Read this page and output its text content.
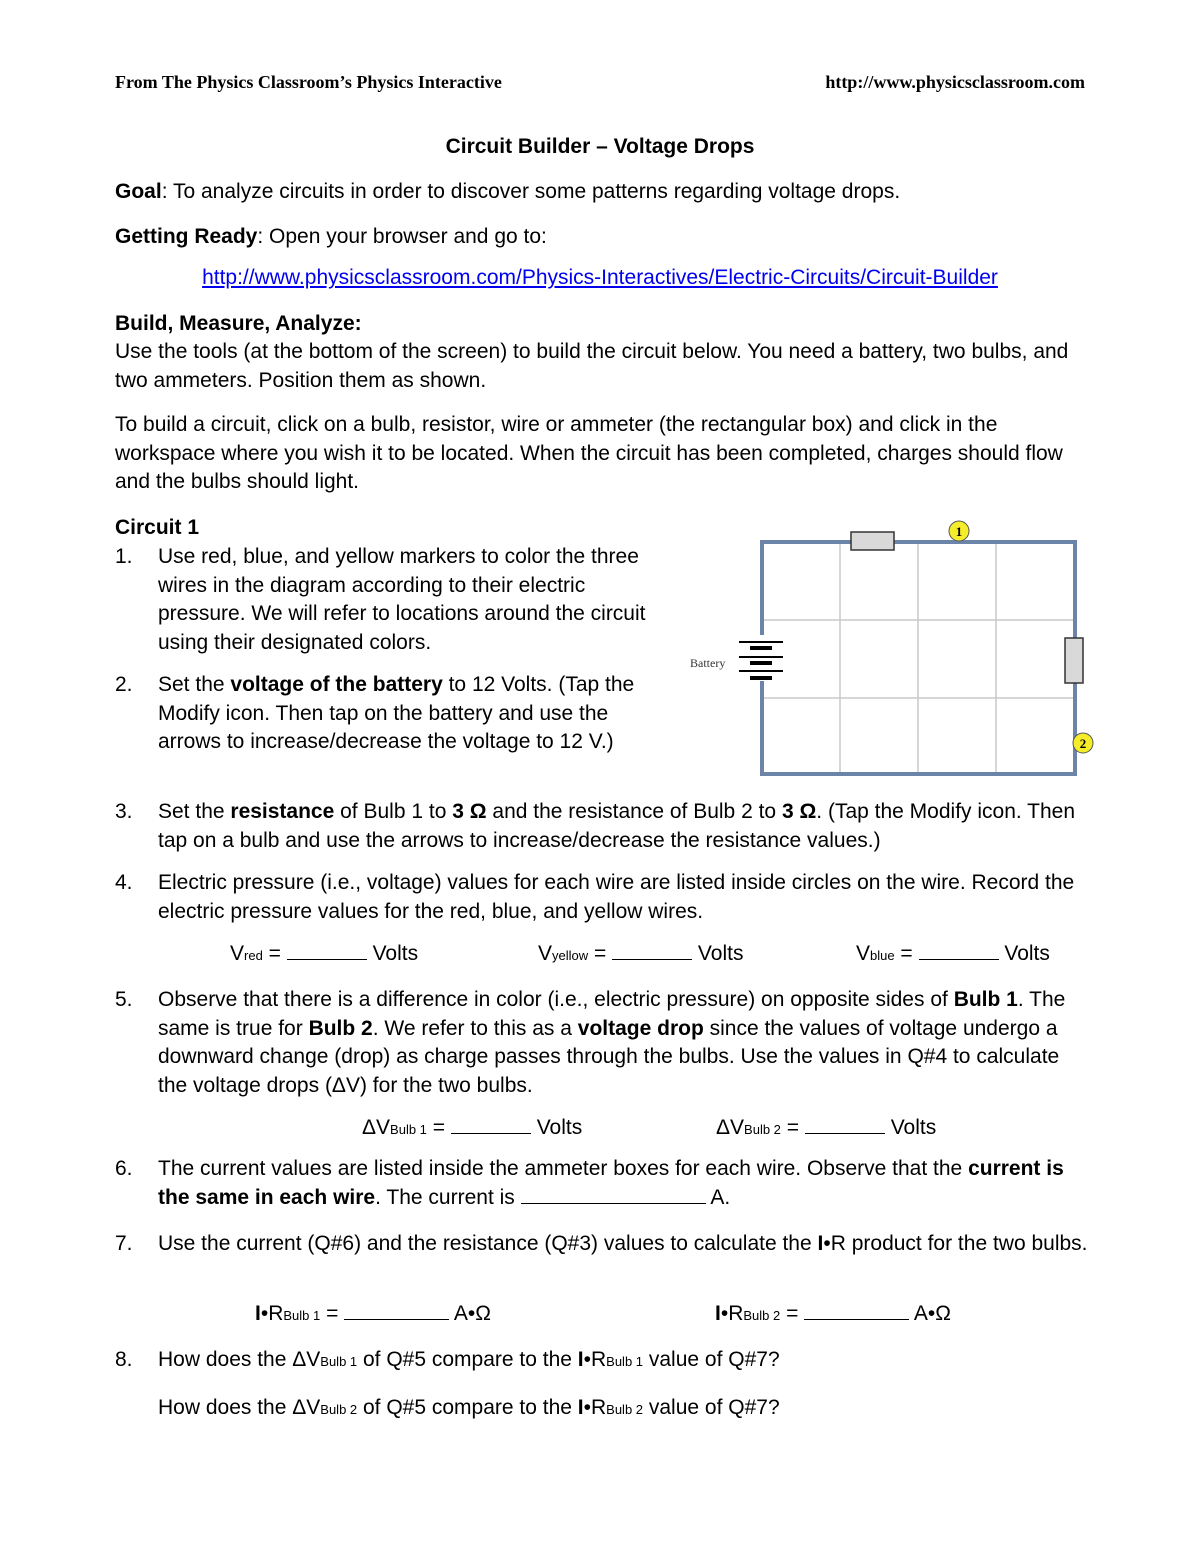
From The Physics Classroom’s Physics Interactive	http://www.physicsclassroom.com
Circuit Builder – Voltage Drops
Goal: To analyze circuits in order to discover some patterns regarding voltage drops.
Getting Ready: Open your browser and go to:
http://www.physicsclassroom.com/Physics-Interactives/Electric-Circuits/Circuit-Builder
Build, Measure, Analyze:
Use the tools (at the bottom of the screen) to build the circuit below. You need a battery, two bulbs, and two ammeters. Position them as shown.
To build a circuit, click on a bulb, resistor, wire or ammeter (the rectangular box) and click in the workspace where you wish it to be located. When the circuit has been completed, charges should flow and the bulbs should light.
Circuit 1
1. Use red, blue, and yellow markers to color the three wires in the diagram according to their electric pressure. We will refer to locations around the circuit using their designated colors.
2. Set the voltage of the battery to 12 Volts. (Tap the Modify icon. Then tap on the battery and use the arrows to increase/decrease the voltage to 12 V.)
Battery
1
2
3. Set the resistance of Bulb 1 to 3 Ω and the resistance of Bulb 2 to 3 Ω. (Tap the Modify icon. Then tap on a bulb and use the arrows to increase/decrease the resistance values.)
4. Electric pressure (i.e., voltage) values for each wire are listed inside circles on the wire. Record the electric pressure values for the red, blue, and yellow wires.
Vred =	Volts	Vyellow =	Volts	Vblue =	Volts
5. Observe that there is a difference in color (i.e., electric pressure) on opposite sides of Bulb 1. The same is true for Bulb 2. We refer to this as a voltage drop since the values of voltage undergo a downward change (drop) as charge passes through the bulbs. Use the values in Q#4 to calculate the voltage drops (ΔV) for the two bulbs.
ΔVBulb 1 =	Volts	ΔVBulb 2 =	Volts
6. The current values are listed inside the ammeter boxes for each wire. Observe that the current is the same in each wire. The current is	A.
7. Use the current (Q#6) and the resistance (Q#3) values to calculate the I•R product for the two bulbs.
I•RBulb 1 =	A•Ω	I•RBulb 2 =	A•Ω
8. How does the ΔVBulb 1 of Q#5 compare to the I•RBulb 1 value of Q#7?
How does the ΔVBulb 2 of Q#5 compare to the I•RBulb 2 value of Q#7?
